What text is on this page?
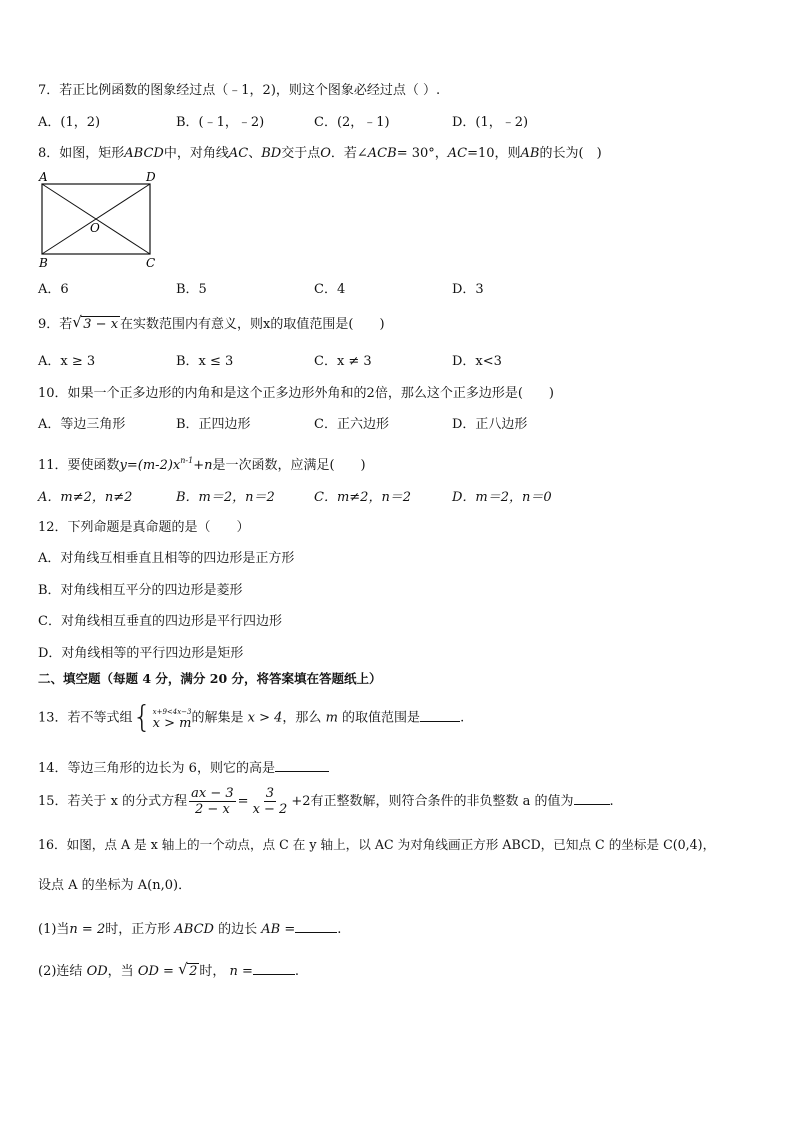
7．若正比例函数的图象经过点（﹣1，2)，则这个图象必经过点（ ）.
A．(1，2)	B．(﹣1，﹣2)	C．(2，﹣1)	D．(1，﹣2)
8．如图，矩形ABCD中，对角线AC、BD交于点O．若∠ACB= 30°，AC=10，则AB的长为(　)
A	D
B	C
O
A．6	B．5	C．4	D．3
9．若 √ 3 − x 在实数范围内有意义，则x的取值范围是(　　)
A．x ≥ 3	B．x ≤ 3	C．x ≠ 3	D．x<3
10．如果一个正多边形的内角和是这个正多边形外角和的2倍，那么这个正多边形是(　　)
A．等边三角形	B．正四边形	C．正六边形	D．正八边形
11．要使函数$y=(m-2)x^{n-1}+n$是一次函数，应满足(　　)
A．m≠2，n≠2	B．m＝2，n＝2	C．m≠2，n＝2	D．m＝2，n＝0
12．下列命题是真命题的是（　　）
A．对角线互相垂直且相等的四边形是正方形
B．对角线相互平分的四边形是菱形
C．对角线相互垂直的四边形是平行四边形
D．对角线相等的平行四边形是矩形
二、填空题（每题 4 分，满分 20 分，将答案填在答题纸上）
13．若不等式组 { x+9<4x−3
x > m 的解集是 x > 4，那么 m 的取值范围是	.
14．等边三角形的边长为 6，则它的高是
15．若关于 x 的分式方程 $\frac{ax - 3}{2 - x} = \frac{3}{x - 2} +2$有正整数解，则符合条件的非负整数 a 的值为	.
16．如图，点 A 是 x 轴上的一个动点，点 C 在 y 轴上，以 AC 为对角线画正方形 ABCD，已知点 C 的坐标是 C(0,4)，
设点 A 的坐标为 A(n,0)．
(1)当n = 2时，正方形 ABCD 的边长 AB =	.
(2)连结 OD，当 OD = √ 2 时， n =	.
